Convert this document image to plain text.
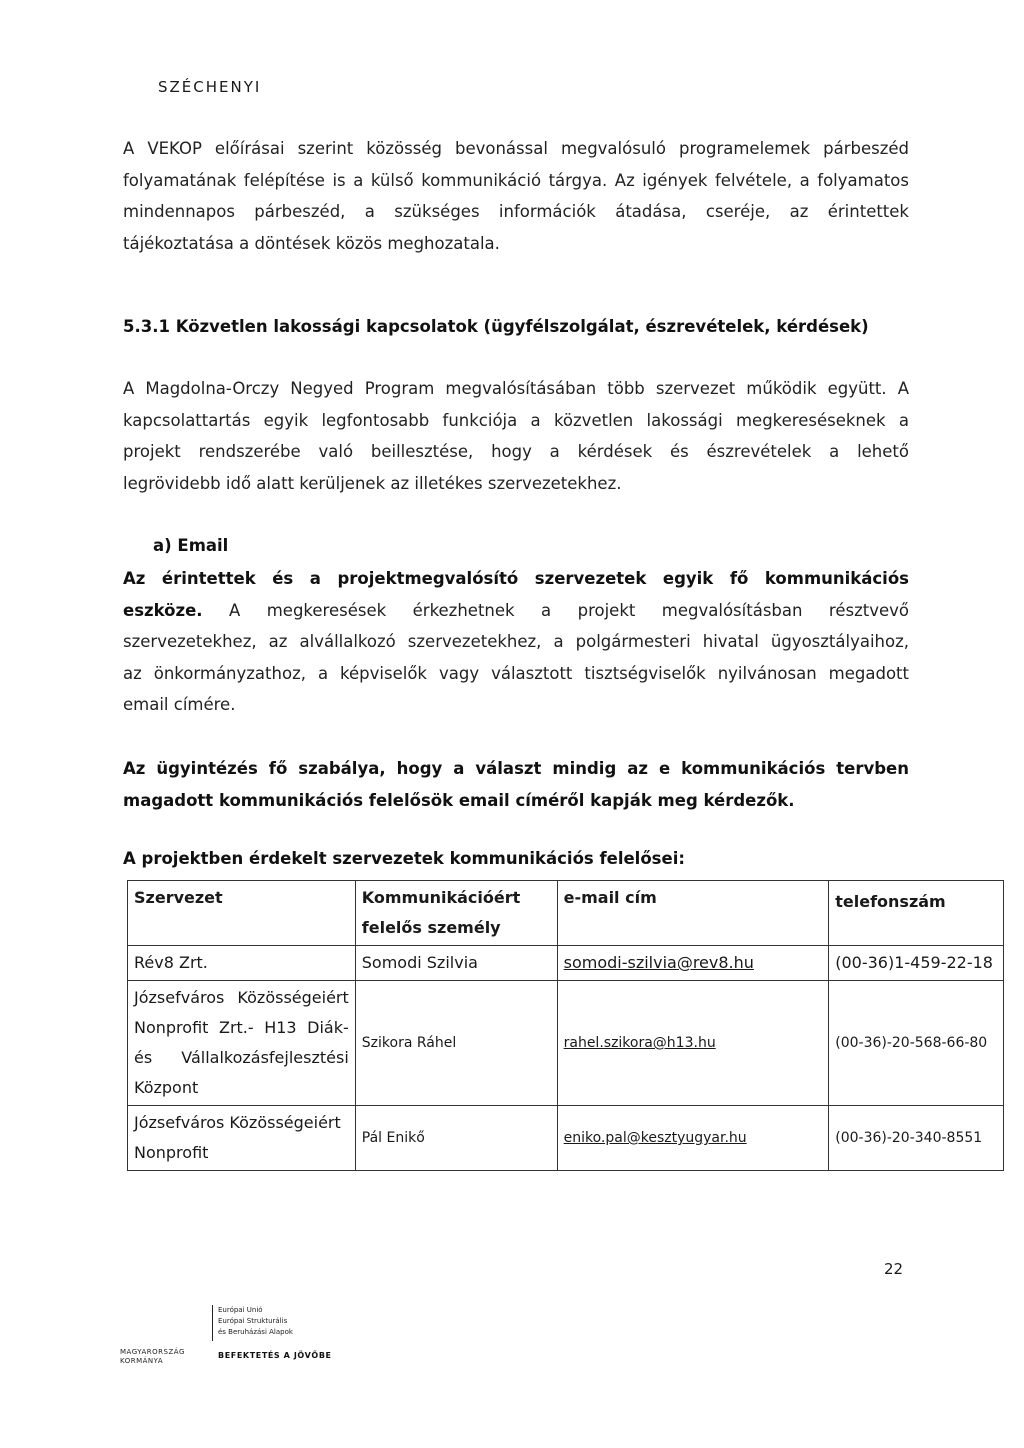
SZÉCHENYI
A VEKOP előírásai szerint közösség bevonással megvalósuló programelemek párbeszéd
folyamatának felépítése is a külső kommunikáció tárgya. Az igények felvétele, a folyamatos
mindennapos párbeszéd, a szükséges információk átadása, cseréje, az érintettek
tájékoztatása a döntések közös meghozatala.
5.3.1 Közvetlen lakossági kapcsolatok (ügyfélszolgálat, észrevételek, kérdések)
A Magdolna-Orczy Negyed Program megvalósításában több szervezet működik együtt. A
kapcsolattartás egyik legfontosabb funkciója a közvetlen lakossági megkereséseknek a
projekt rendszerébe való beillesztése, hogy a kérdések és észrevételek a lehető
legrövidebb idő alatt kerüljenek az illetékes szervezetekhez.
a) Email
Az érintettek és a projektmegvalósító szervezetek egyik fő kommunikációs
eszköze. A megkeresések érkezhetnek a projekt megvalósításban résztvevő
szervezetekhez, az alvállalkozó szervezetekhez, a polgármesteri hivatal ügyosztályaihoz,
az önkormányzathoz, a képviselők vagy választott tisztségviselők nyilvánosan megadott
email címére.
Az ügyintézés fő szabálya, hogy a választ mindig az e kommunikációs tervben
magadott kommunikációs felelősök email címéről kapják meg kérdezők.
A projektben érdekelt szervezetek kommunikációs felelősei:
Szervezet	Kommunikációért felelős személy	e-mail cím	telefonszám
Rév8 Zrt.	Somodi Szilvia	somodi-szilvia@rev8.hu	(00-36)1-459-22-18
Józsefváros Közösségeiért Nonprofit Zrt.- H13 Diák- és Vállalkozásfejlesztési Központ	Szikora Ráhel	rahel.szikora@h13.hu	(00-36)-20-568-66-80
Józsefváros Közösségeiért Nonprofit	Pál Enikő	eniko.pal@kesztyugyar.hu	(00-36)-20-340-8551
22
Európai Unió
Európai Strukturális
és Beruházási Alapok
MAGYARORSZÁG
KORMÁNYA
BEFEKTETÉS A JÖVŐBE
